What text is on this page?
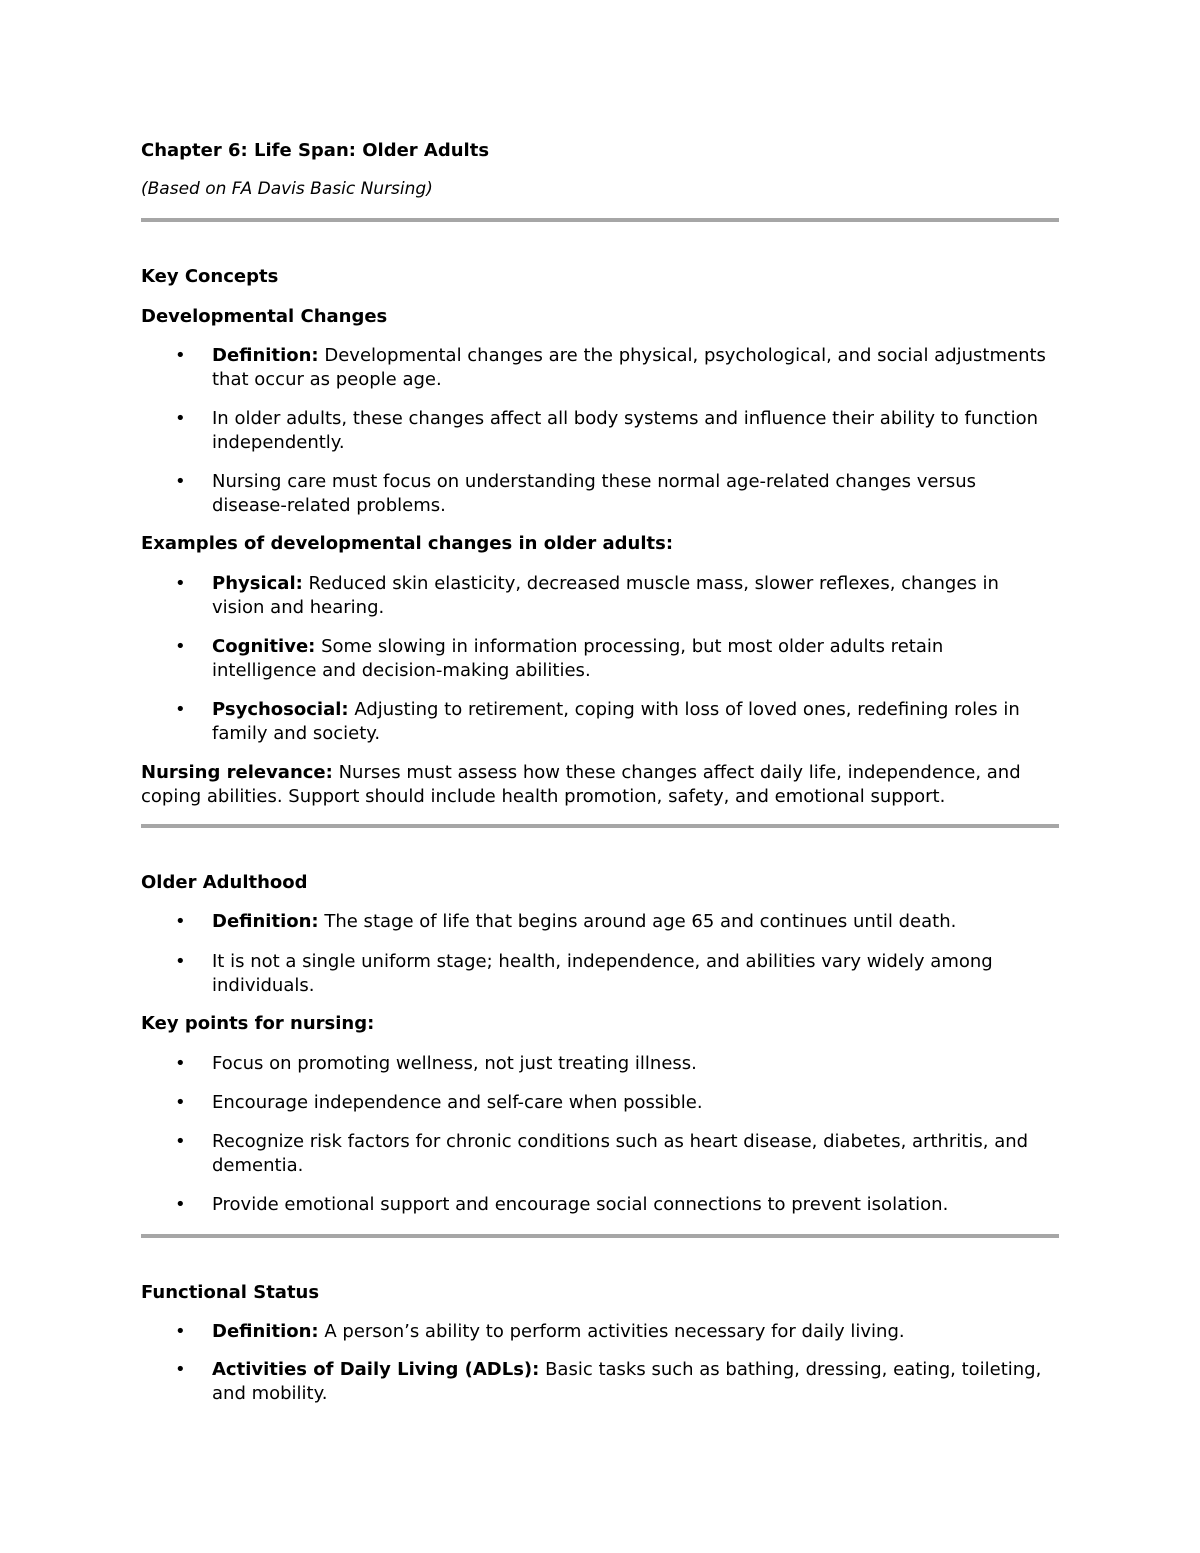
Chapter 6: Life Span: Older Adults
(Based on FA Davis Basic Nursing)
Key Concepts
Developmental Changes
•	Definition: Developmental changes are the physical, psychological, and social adjustments that occur as people age.
•	In older adults, these changes affect all body systems and influence their ability to function independently.
•	Nursing care must focus on understanding these normal age-related changes versus disease-related problems.
Examples of developmental changes in older adults:
•	Physical: Reduced skin elasticity, decreased muscle mass, slower reflexes, changes in vision and hearing.
•	Cognitive: Some slowing in information processing, but most older adults retain intelligence and decision-making abilities.
•	Psychosocial: Adjusting to retirement, coping with loss of loved ones, redefining roles in family and society.
Nursing relevance: Nurses must assess how these changes affect daily life, independence, and coping abilities. Support should include health promotion, safety, and emotional support.
Older Adulthood
•	Definition: The stage of life that begins around age 65 and continues until death.
•	It is not a single uniform stage; health, independence, and abilities vary widely among individuals.
Key points for nursing:
•	Focus on promoting wellness, not just treating illness.
•	Encourage independence and self-care when possible.
•	Recognize risk factors for chronic conditions such as heart disease, diabetes, arthritis, and dementia.
•	Provide emotional support and encourage social connections to prevent isolation.
Functional Status
•	Definition: A person’s ability to perform activities necessary for daily living.
•	Activities of Daily Living (ADLs): Basic tasks such as bathing, dressing, eating, toileting, and mobility.
